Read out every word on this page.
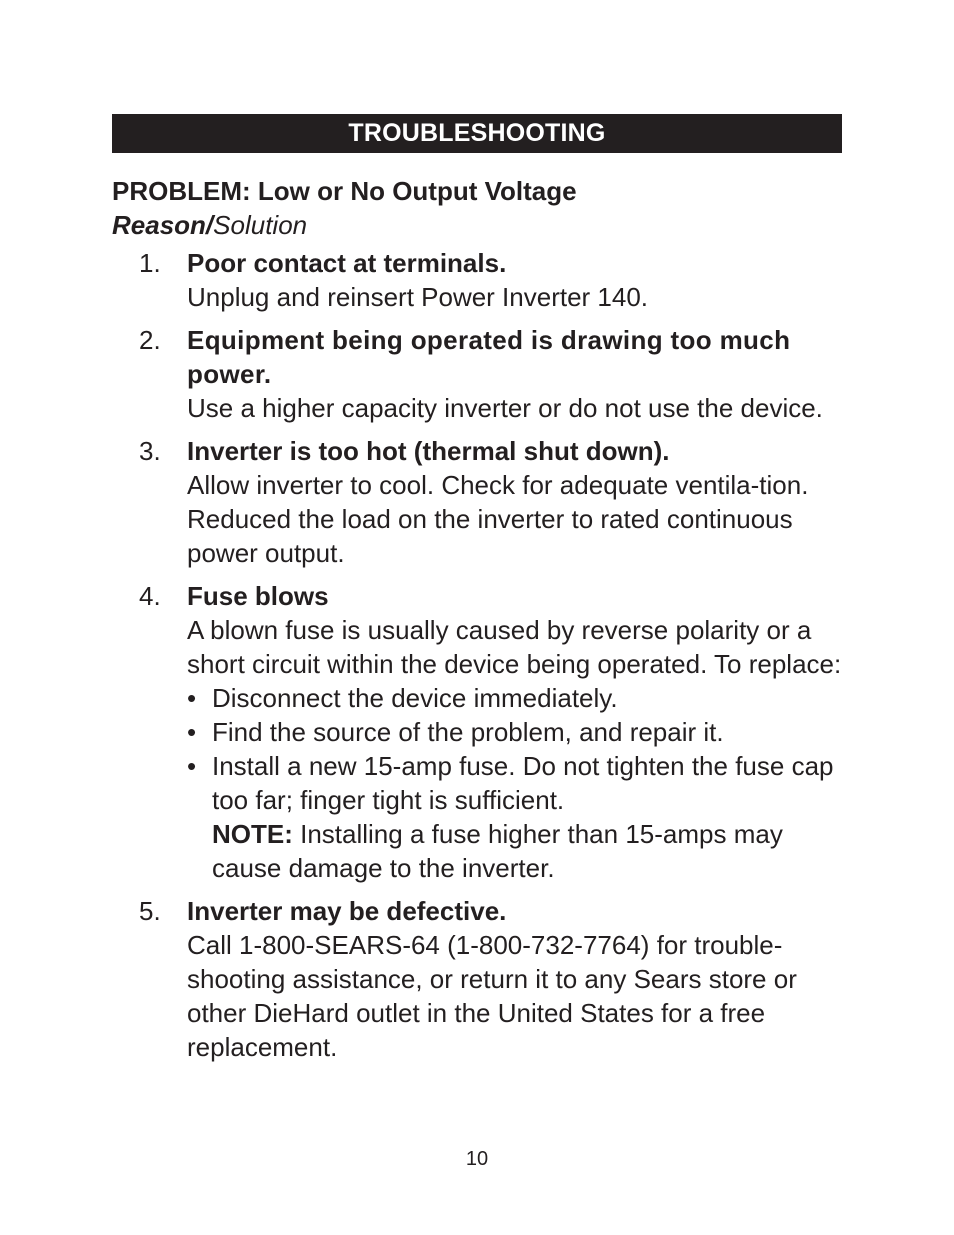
TROUBLESHOOTING

PROBLEM: Low or No Output Voltage

Reason/Solution

1. Poor contact at terminals.
Unplug and reinsert Power Inverter 140.
2. Equipment being operated is drawing too much power.
Use a higher capacity inverter or do not use the device.
3. Inverter is too hot (thermal shut down).
Allow inverter to cool. Check for adequate ventila-tion. Reduced the load on the inverter to rated continuous power output.
4. Fuse blows
A blown fuse is usually caused by reverse polarity or a short circuit within the device being operated. To replace:
• Disconnect the device immediately.
• Find the source of the problem, and repair it.
• Install a new 15-amp fuse. Do not tighten the fuse cap too far; finger tight is sufficient.
NOTE: Installing a fuse higher than 15-amps may cause damage to the inverter.
5. Inverter may be defective.
Call 1-800-SEARS-64 (1-800-732-7764) for trouble-shooting assistance, or return it to any Sears store or other DieHard outlet in the United States for a free replacement.
10
